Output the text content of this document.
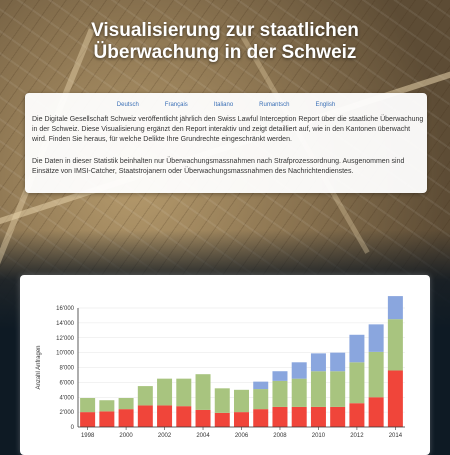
Visualisierung zur staatlichen
Überwachung in der Schweiz
Deutsch	Français	Italiano	Rumantsch	English

Die Digitale Gesellschaft Schweiz veröffentlicht jährlich den Swiss Lawful Interception Report über die staatliche Überwachung in der Schweiz. Diese Visualisierung ergänzt den Report interaktiv und zeigt detailliert auf, wie in den Kantonen überwacht wird. Finden Sie heraus, für welche Delikte Ihre Grundrechte eingeschränkt werden.

Die Daten in dieser Statistik beinhalten nur Überwachungsmassnahmen nach Strafprozessordnung. Ausgenommen sind Einsätze von IMSI-Catcher, Staatstrojanern oder Überwachungsmassnahmen des Nachrichtendienstes.

0
2'000
4'000
6'000
8'000
10'000
12'000
14'000
16'000
1998	2000	2002	2004	2006	2008	2010	2012	2014
Anzahl Anfragen
